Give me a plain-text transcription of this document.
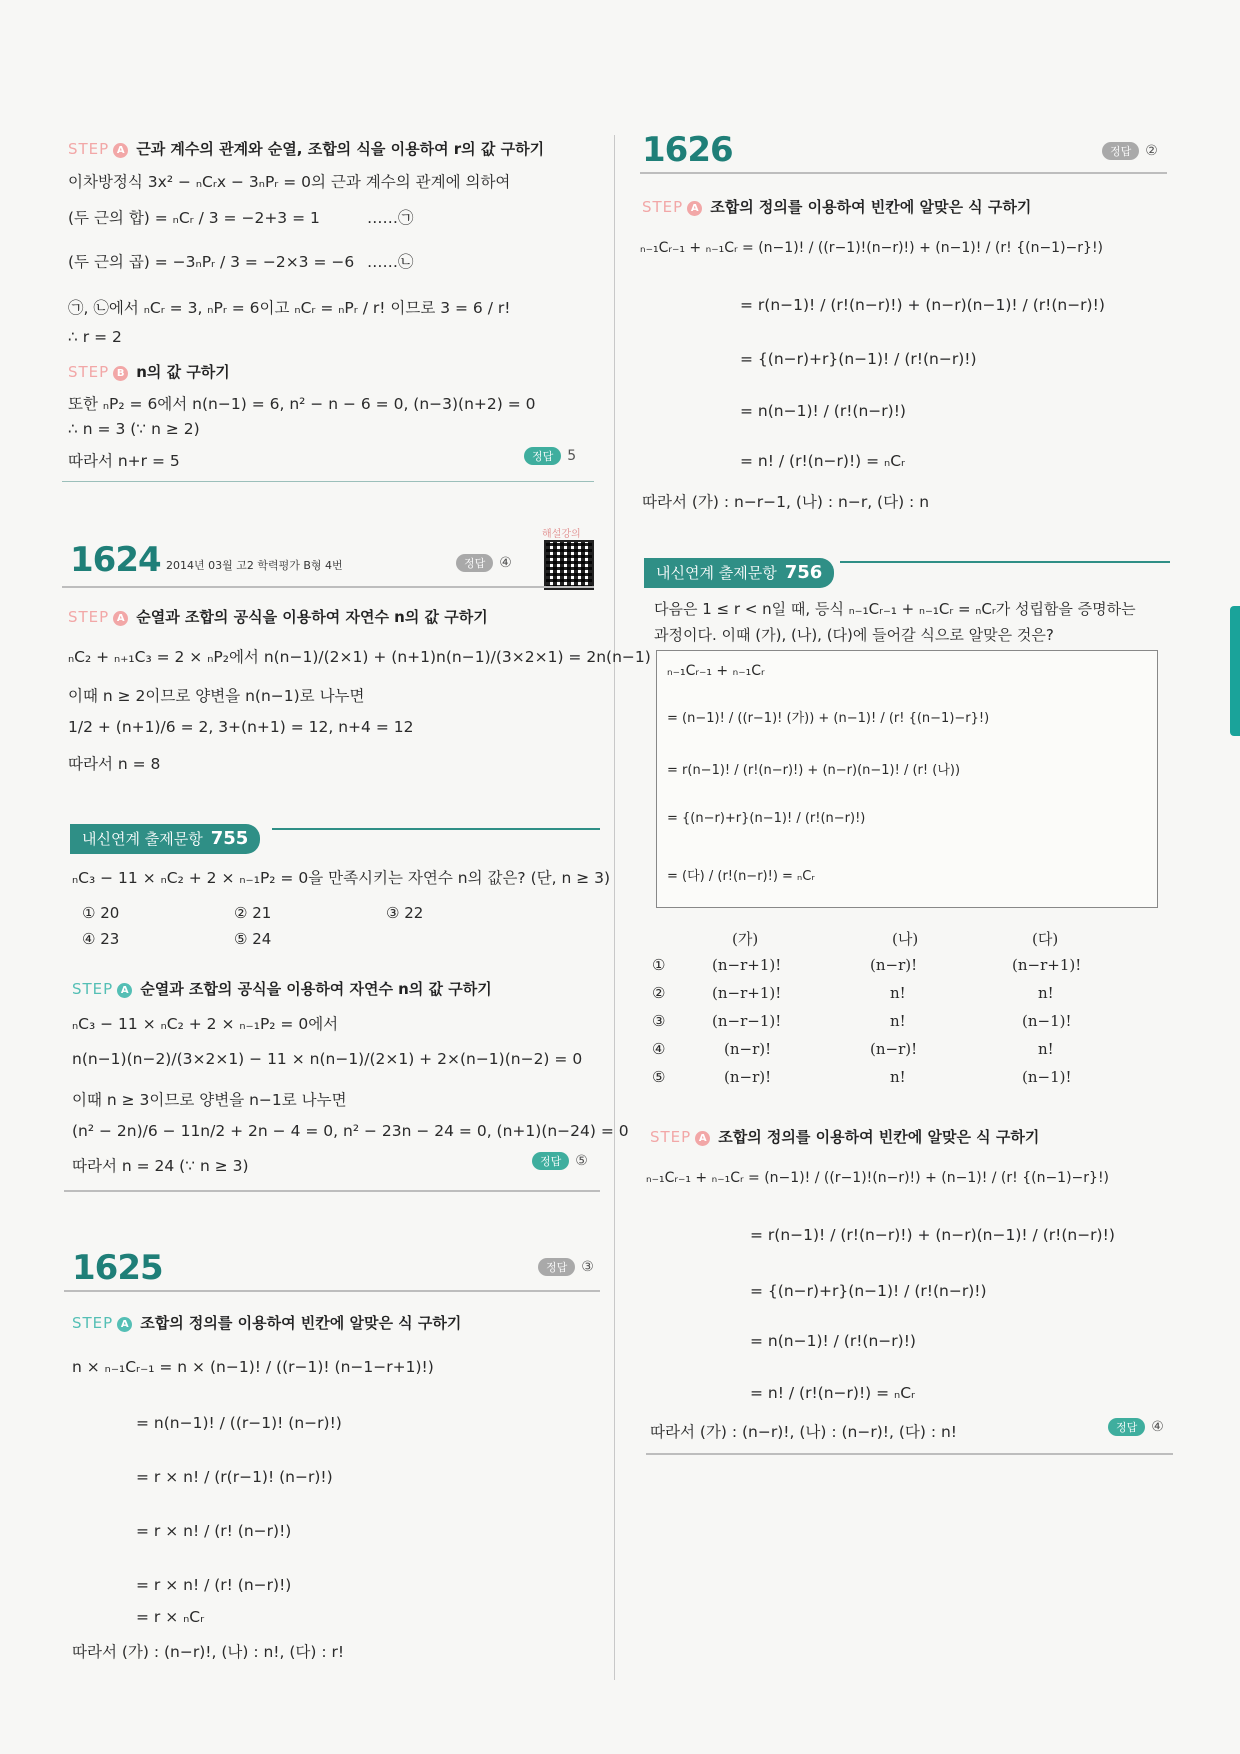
STEP A 근과 계수의 관계와 순열, 조합의 식을 이용하여 r의 값 구하기
이차방정식 3x² − ₙCᵣx − 3ₙPᵣ = 0의 근과 계수의 관계에 의하여
(두 근의 합) = ₙCᵣ / 3 = −2+3 = 1	……㉠
(두 근의 곱) = −3ₙPᵣ / 3 = −2×3 = −6 ……㉡
㉠, ㉡에서 ₙCᵣ = 3, ₙPᵣ = 6이고 ₙCᵣ = ₙPᵣ / r! 이므로 3 = 6 / r!
∴ r = 2
STEP B n의 값 구하기
또한 ₙP₂ = 6에서 n(n−1) = 6, n² − n − 6 = 0, (n−3)(n+2) = 0
∴ n = 3 (∵ n ≥ 2)
따라서 n+r = 5	정답 5
해설강의
1624 2014년 03월 고2 학력평가 B형 4번	정답 ④
STEP A 순열과 조합의 공식을 이용하여 자연수 n의 값 구하기
ₙC₂ + ₙ₊₁C₃ = 2 × ₙP₂에서 n(n−1)/(2×1) + (n+1)n(n−1)/(3×2×1) = 2n(n−1)
이때 n ≥ 2이므로 양변을 n(n−1)로 나누면
1/2 + (n+1)/6 = 2, 3+(n+1) = 12, n+4 = 12
따라서 n = 8
내신연계 출제문항 755
ₙC₃ − 11 × ₙC₂ + 2 × ₙ₋₁P₂ = 0을 만족시키는 자연수 n의 값은? (단, n ≥ 3)
① 20	② 21	③ 22
④ 23	⑤ 24
STEP A 순열과 조합의 공식을 이용하여 자연수 n의 값 구하기
ₙC₃ − 11 × ₙC₂ + 2 × ₙ₋₁P₂ = 0에서
n(n−1)(n−2)/(3×2×1) − 11 × n(n−1)/(2×1) + 2×(n−1)(n−2) = 0
이때 n ≥ 3이므로 양변을 n−1로 나누면
(n² − 2n)/6 − 11n/2 + 2n − 4 = 0, n² − 23n − 24 = 0, (n+1)(n−24) = 0
따라서 n = 24 (∵ n ≥ 3)	정답 ⑤
1625	정답 ③
STEP A 조합의 정의를 이용하여 빈칸에 알맞은 식 구하기
n × ₙ₋₁Cᵣ₋₁ = n × (n−1)! / ((r−1)! (n−1−r+1)!)
= n(n−1)! / ((r−1)! (n−r)!)
= r × n! / (r(r−1)! (n−r)!)
= r × n! / (r! (n−r)!)
= r × n! / (r! (n−r)!)
= r × ₙCᵣ
따라서 (가) : (n−r)!, (나) : n!, (다) : r!
1626	정답 ②
STEP A 조합의 정의를 이용하여 빈칸에 알맞은 식 구하기
ₙ₋₁Cᵣ₋₁ + ₙ₋₁Cᵣ = (n−1)! / ((r−1)!(n−r)!) + (n−1)! / (r! {(n−1)−r}!)
= r(n−1)! / (r!(n−r)!) + (n−r)(n−1)! / (r!(n−r)!)
= {(n−r)+r}(n−1)! / (r!(n−r)!)
= n(n−1)! / (r!(n−r)!)
= n! / (r!(n−r)!) = ₙCᵣ
따라서 (가) : n−r−1, (나) : n−r, (다) : n
내신연계 출제문항 756
다음은 1 ≤ r < n일 때, 등식 ₙ₋₁Cᵣ₋₁ + ₙ₋₁Cᵣ = ₙCᵣ가 성립함을 증명하는
과정이다. 이때 (가), (나), (다)에 들어갈 식으로 알맞은 것은?
ₙ₋₁Cᵣ₋₁ + ₙ₋₁Cᵣ
= (n−1)! / ((r−1)! (가)) + (n−1)! / (r! {(n−1)−r}!)
= r(n−1)! / (r!(n−r)!) + (n−r)(n−1)! / (r! (나))
= {(n−r)+r}(n−1)! / (r!(n−r)!)
= (다) / (r!(n−r)!) = ₙCᵣ
(가)	(나)	(다)
①	(n−r+1)!	(n−r)!	(n−r+1)!
②	(n−r+1)!	n!	n!
③	(n−r−1)!	n!	(n−1)!
④	(n−r)!	(n−r)!	n!
⑤	(n−r)!	n!	(n−1)!
STEP A 조합의 정의를 이용하여 빈칸에 알맞은 식 구하기
ₙ₋₁Cᵣ₋₁ + ₙ₋₁Cᵣ = (n−1)! / ((r−1)!(n−r)!) + (n−1)! / (r! {(n−1)−r}!)
= r(n−1)! / (r!(n−r)!) + (n−r)(n−1)! / (r!(n−r)!)
= {(n−r)+r}(n−1)! / (r!(n−r)!)
= n(n−1)! / (r!(n−r)!)
= n! / (r!(n−r)!) = ₙCᵣ
따라서 (가) : (n−r)!, (나) : (n−r)!, (다) : n!	정답 ④
